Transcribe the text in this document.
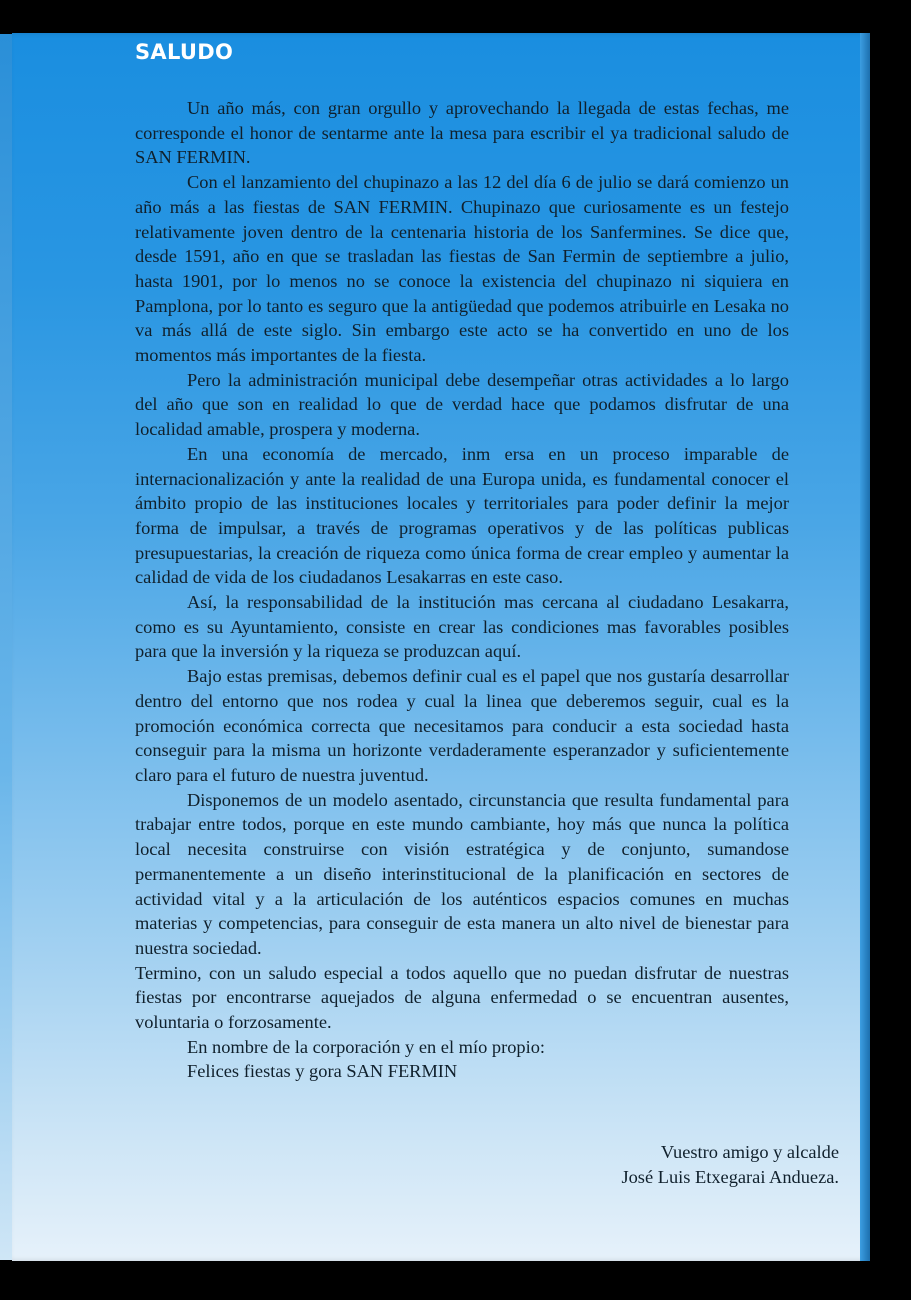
SALUDO

Un año más, con gran orgullo y aprovechando la llegada de estas fechas, me corresponde el honor de sentarme ante la mesa para escribir el ya tradicional saludo de SAN FERMIN.

Con el lanzamiento del chupinazo a las 12 del día 6 de julio se dará comienzo un año más a las fiestas de SAN FERMIN. Chupinazo que curiosamente es un festejo relativamente joven dentro de la centenaria historia de los Sanfermines. Se dice que, desde 1591, año en que se trasladan las fiestas de San Fermin de septiembre a julio, hasta 1901, por lo menos no se conoce la existencia del chupinazo ni siquiera en Pamplona, por lo tanto es seguro que la antigüedad que podemos atribuirle en Lesaka no va más allá de este siglo. Sin embargo este acto se ha convertido en uno de los momentos más importantes de la fiesta.

Pero la administración municipal debe desempeñar otras actividades a lo largo del año que son en realidad lo que de verdad hace que podamos disfrutar de una localidad amable, prospera y moderna.

En una economía de mercado, inm ersa en un proceso imparable de internacionalización y ante la realidad de una Europa unida, es fundamental conocer el ámbito propio de las instituciones locales y territoriales para poder definir la mejor forma de impulsar, a través de programas operativos y de las políticas publicas presupuestarias, la creación de riqueza como única forma de crear empleo y aumentar la calidad de vida de los ciudadanos Lesakarras en este caso.

Así, la responsabilidad de la institución mas cercana al ciudadano Lesakarra, como es su Ayuntamiento, consiste en crear las condiciones mas favorables posibles para que la inversión y la riqueza se produzcan aquí.

Bajo estas premisas, debemos definir cual es el papel que nos gustaría desarrollar dentro del entorno que nos rodea y cual la linea que deberemos seguir, cual es la promoción económica correcta que necesitamos para conducir a esta sociedad hasta conseguir para la misma un horizonte verdaderamente esperanzador y suficientemente claro para el futuro de nuestra juventud.

Disponemos de un modelo asentado, circunstancia que resulta fundamental para trabajar entre todos, porque en este mundo cambiante, hoy más que nunca la política local necesita construirse con visión estratégica y de conjunto, sumandose permanentemente a un diseño interinstitucional de la planificación en sectores de actividad vital y a la articulación de los auténticos espacios comunes en muchas materias y competencias, para conseguir de esta manera un alto nivel de bienestar para nuestra sociedad.

Termino, con un saludo especial a todos aquello que no puedan disfrutar de nuestras fiestas por encontrarse aquejados de alguna enfermedad o se encuentran ausentes, voluntaria o forzosamente.

En nombre de la corporación y en el mío propio:

Felices fiestas y gora SAN FERMIN

Vuestro amigo y alcalde
José Luis Etxegarai Andueza.
